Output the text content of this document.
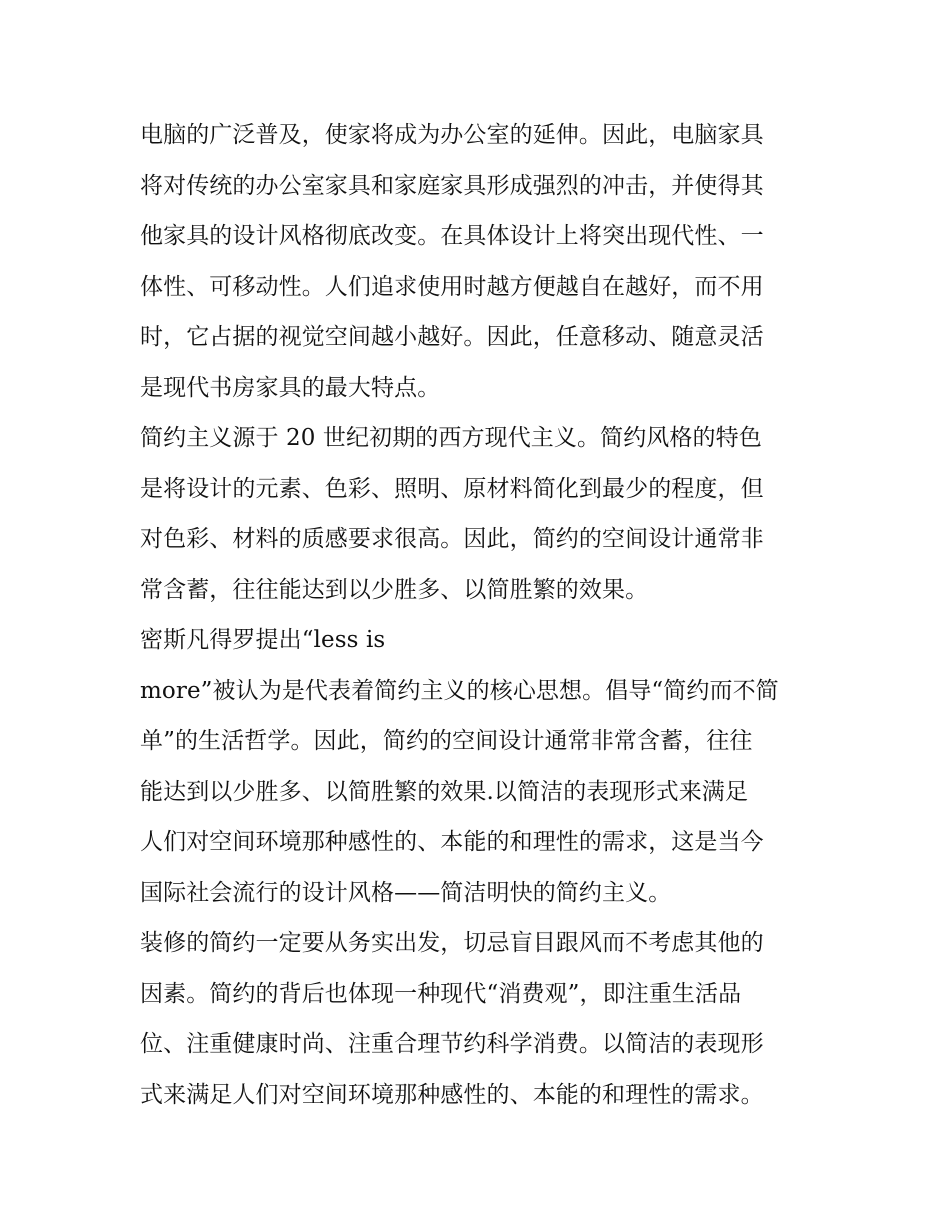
电脑的广泛普及，使家将成为办公室的延伸。因此，电脑家具
将对传统的办公室家具和家庭家具形成强烈的冲击，并使得其
他家具的设计风格彻底改变。在具体设计上将突出现代性、一
体性、可移动性。人们追求使用时越方便越自在越好，而不用
时，它占据的视觉空间越小越好。因此，任意移动、随意灵活
是现代书房家具的最大特点。
简约主义源于 20 世纪初期的西方现代主义。简约风格的特色
是将设计的元素、色彩、照明、原材料简化到最少的程度，但
对色彩、材料的质感要求很高。因此，简约的空间设计通常非
常含蓄，往往能达到以少胜多、以简胜繁的效果。
密斯凡得罗提出“less is
more”被认为是代表着简约主义的核心思想。倡导“简约而不简
单”的生活哲学。因此，简约的空间设计通常非常含蓄，往往
能达到以少胜多、以简胜繁的效果.以简洁的表现形式来满足
人们对空间环境那种感性的、本能的和理性的需求，这是当今
国际社会流行的设计风格——简洁明快的简约主义。
装修的简约一定要从务实出发，切忌盲目跟风而不考虑其他的
因素。简约的背后也体现一种现代“消费观”，即注重生活品
位、注重健康时尚、注重合理节约科学消费。以简洁的表现形
式来满足人们对空间环境那种感性的、本能的和理性的需求。
